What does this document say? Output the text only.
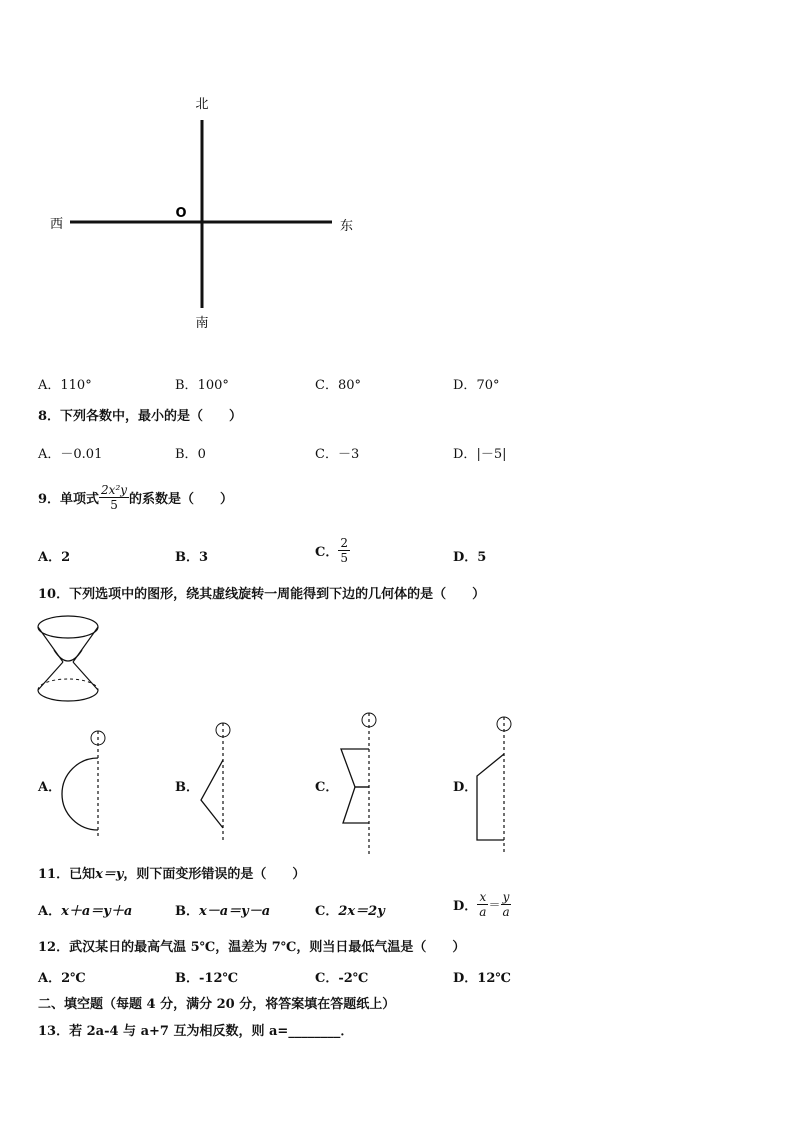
北
南
东
西
O
A．110°	B．100°	C．80°	D．70°
8．下列各数中，最小的是（　　）
A．－0.01	B．0	C．－3	D．|－5|
9．单项式 $\frac{\text{2x²y}}{5}$ 的系数是（　　）
A．2	B．3	C． $\frac{2}{5}$	D．5
10．下列选项中的图形，绕其虚线旋转一周能得到下边的几何体的是（　　）
A．	B．	C．	D．
11．已知x＝y，则下面变形错误的是（　　）
A．x＋a＝y＋a	B．x－a＝y－a	C．2x＝2y	D． $\frac{x}{a} = \frac{y}{a}$
12．武汉某日的最高气温 5℃，温差为 7℃，则当日最低气温是（　　）
A．2℃	B．-12℃	C．-2℃	D．12℃
二、填空题（每题 4 分，满分 20 分，将答案填在答题纸上）
13．若 2a-4 与 a+7 互为相反数，则 a=________．
